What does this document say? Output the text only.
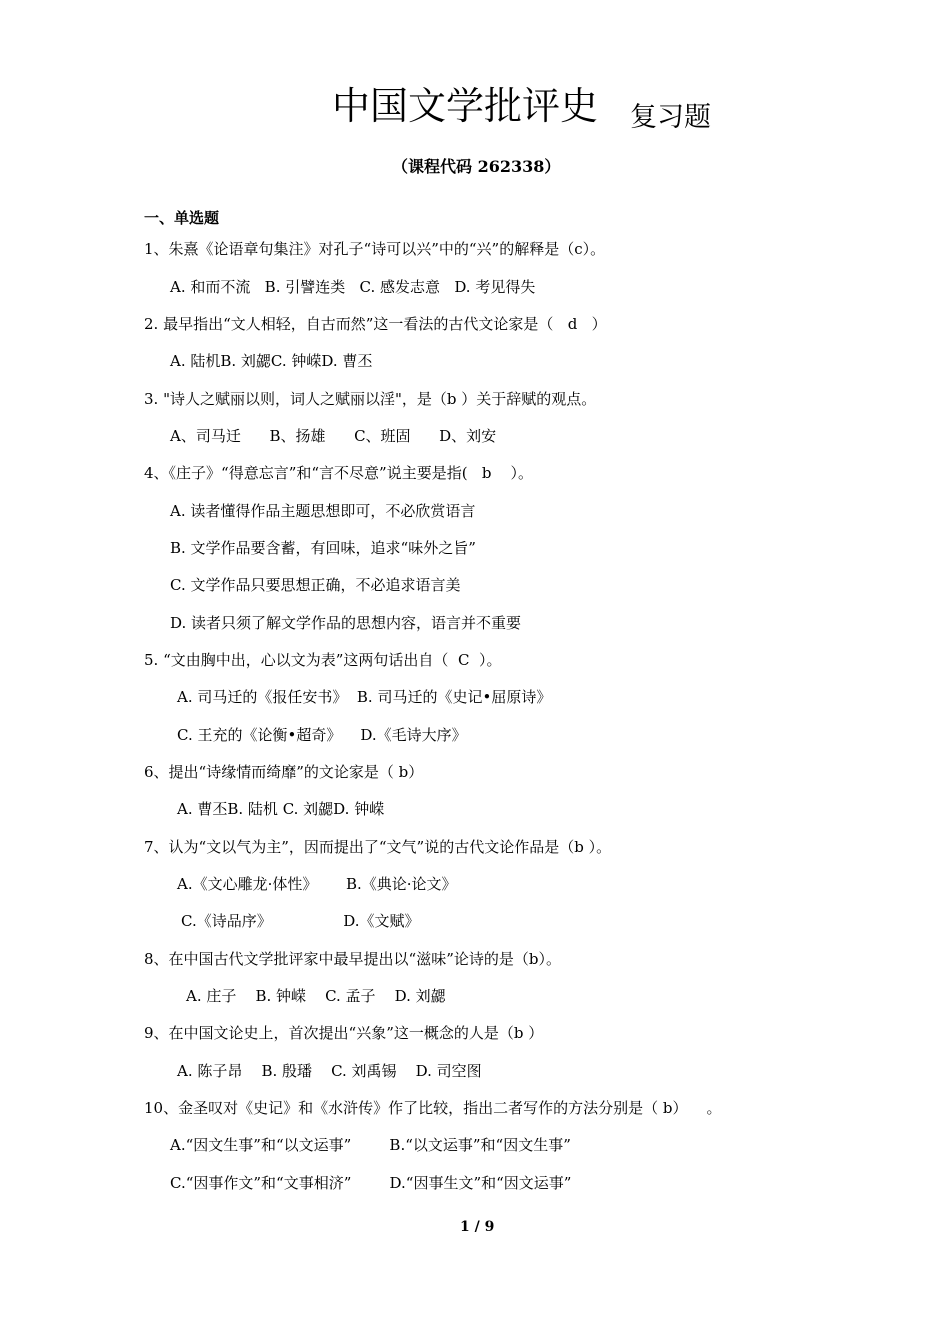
中国文学批评史 复习题
（课程代码 262338）
一、单选题
1、朱熹《论语章句集注》对孔子“诗可以兴”中的“兴”的解释是（c）。
A. 和而不流   B. 引譬连类   C. 感发志意   D. 考见得失
2. 最早指出“文人相轻，自古而然”这一看法的古代文论家是（   d   ）
A. 陆机B. 刘勰C. 钟嵘D. 曹丕
3. "诗人之赋丽以则，词人之赋丽以淫"，是（b ）关于辞赋的观点。
A、司马迁      B、扬雄      C、班固      D、刘安
4、《庄子》“得意忘言”和“言不尽意”说主要是指(   b    ）。
A. 读者懂得作品主题思想即可，不必欣赏语言
B. 文学作品要含蓄，有回味，追求“味外之旨”
C. 文学作品只要思想正确，不必追求语言美
D. 读者只须了解文学作品的思想内容，语言并不重要
5. “文由胸中出，心以文为表”这两句话出自（  C  ）。
A. 司马迁的《报任安书》  B. 司马迁的《史记•屈原诗》
C. 王充的《论衡•超奇》    D.《毛诗大序》
6、提出“诗缘情而绮靡”的文论家是（ b）
A. 曹丕B. 陆机 C. 刘勰D. 钟嵘
7、认为“文以气为主”，因而提出了“文气”说的古代文论作品是（b ）。
A.《文心雕龙·体性》      B.《典论·论文》
C.《诗品序》               D.《文赋》
8、在中国古代文学批评家中最早提出以“滋味”论诗的是（b）。
A. 庄子    B. 钟嵘    C. 孟子    D. 刘勰
9、在中国文论史上，首次提出“兴象”这一概念的人是（b ）
A. 陈子昂    B. 殷璠    C. 刘禹锡    D. 司空图
10、金圣叹对《史记》和《水浒传》作了比较，指出二者写作的方法分别是（ b）    。
A.“因文生事”和“以文运事”        B.“以文运事”和“因文生事”
C.“因事作文”和“文事相济”        D.“因事生文”和“因文运事”
1 / 9
